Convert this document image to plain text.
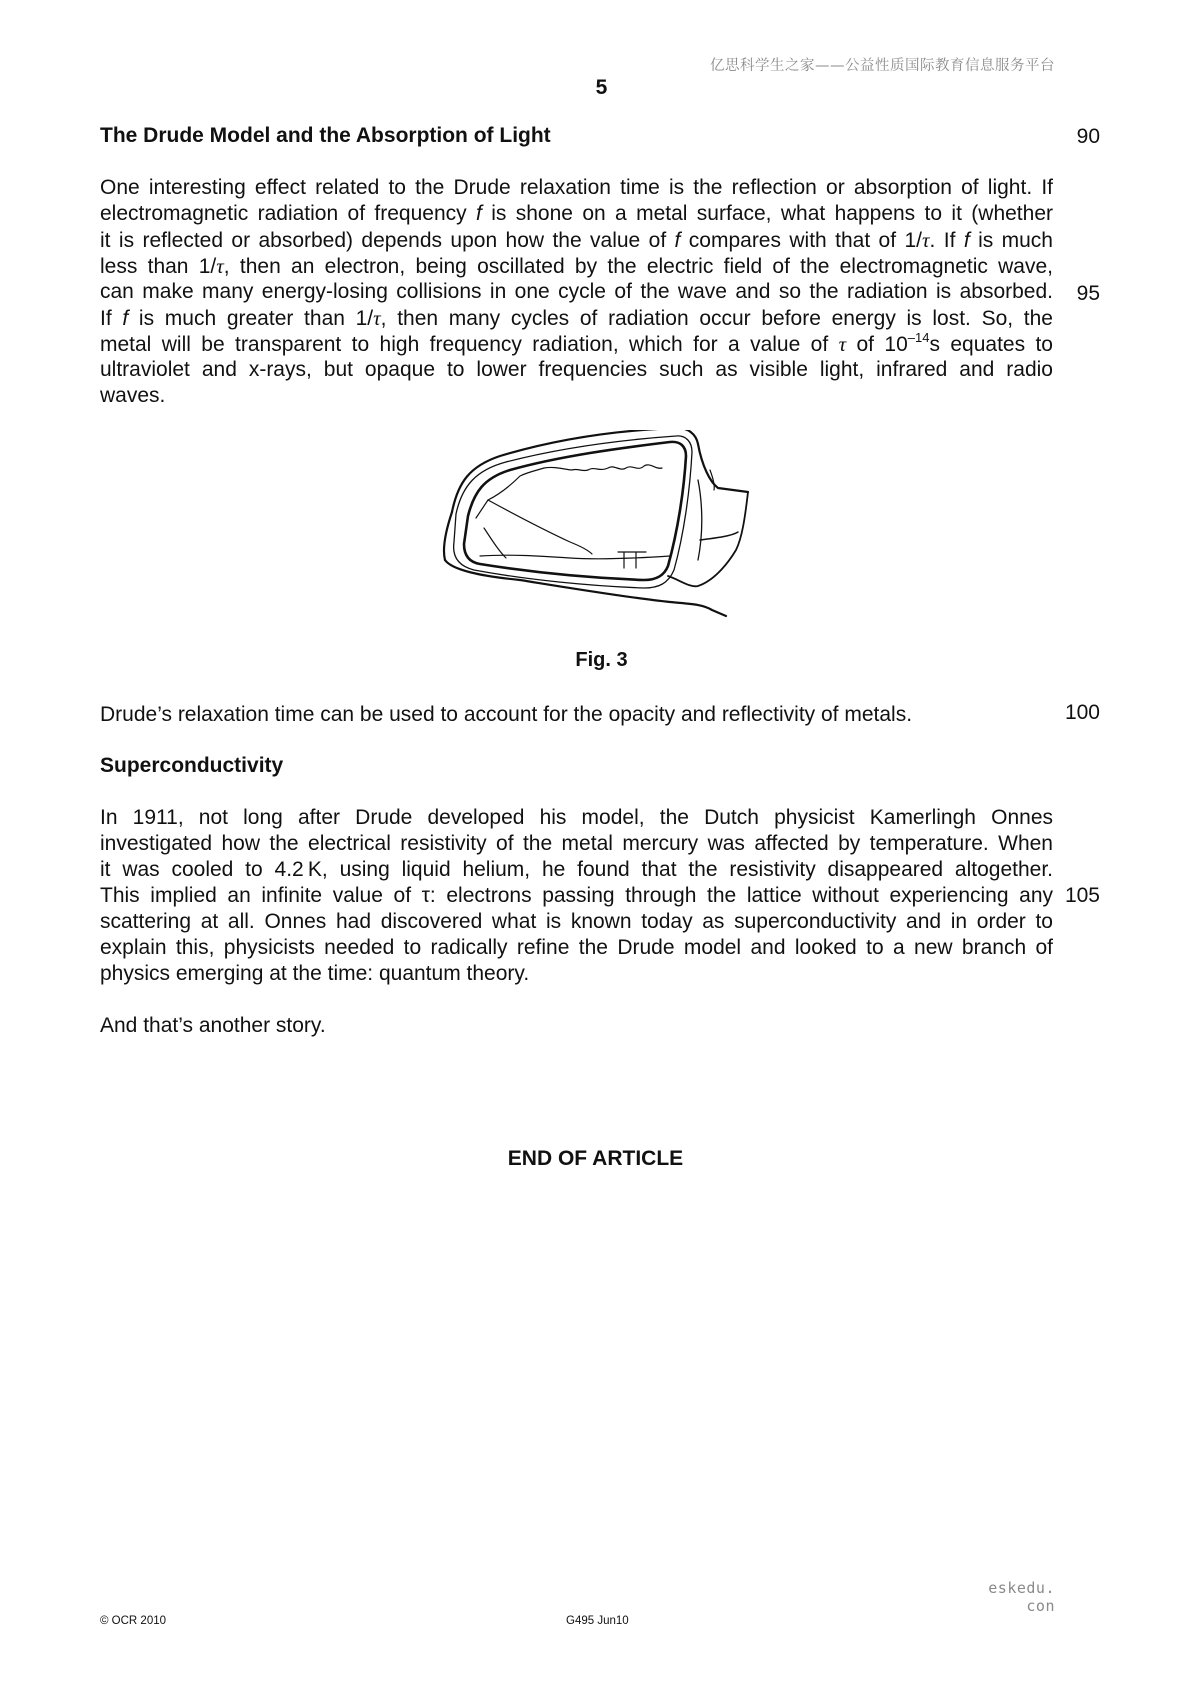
亿思科学生之家——公益性质国际教育信息服务平台
5
The Drude Model and the Absorption of Light	90
One interesting effect related to the Drude relaxation time is the reflection or absorption of light. If
electromagnetic radiation of frequency f is shone on a metal surface, what happens to it (whether
it is reflected or absorbed) depends upon how the value of f compares with that of 1/τ. If f is much
less than 1/τ, then an electron, being oscillated by the electric field of the electromagnetic wave,
can make many energy-losing collisions in one cycle of the wave and so the radiation is absorbed.
If f is much greater than 1/τ, then many cycles of radiation occur before energy is lost. So, the
metal will be transparent to high frequency radiation, which for a value of τ of $10^{-14}s$ equates to
ultraviolet and x-rays, but opaque to lower frequencies such as visible light, infrared and radio
waves.
95
Fig. 3
Drude’s relaxation time can be used to account for the opacity and reflectivity of metals.	100
Superconductivity
In 1911, not long after Drude developed his model, the Dutch physicist Kamerlingh Onnes
investigated how the electrical resistivity of the metal mercury was affected by temperature. When
it was cooled to 4.2 K, using liquid helium, he found that the resistivity disappeared altogether.
This implied an infinite value of τ: electrons passing through the lattice without experiencing any
scattering at all. Onnes had discovered what is known today as superconductivity and in order to
explain this, physicists needed to radically refine the Drude model and looked to a new branch of
physics emerging at the time: quantum theory.
105
And that’s another story.
END OF ARTICLE
eskedu. con
© OCR 2010	G495 Jun10
